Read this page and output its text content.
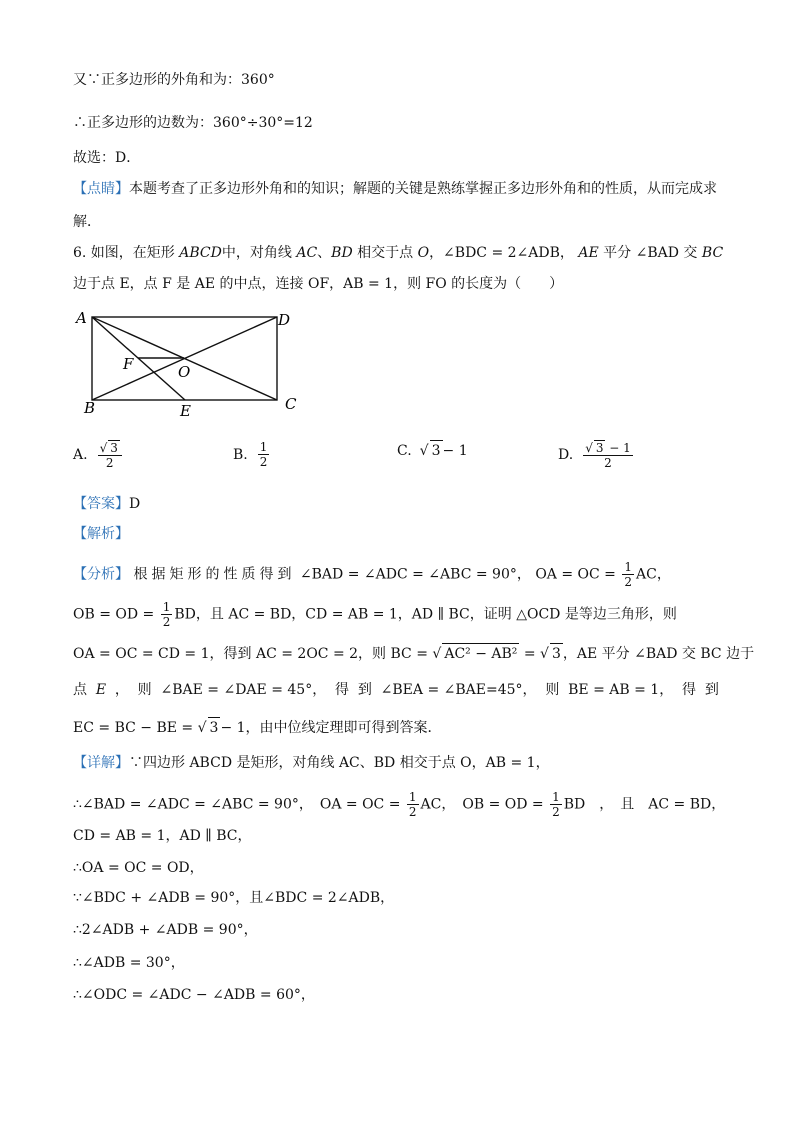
又∵正多边形的外角和为：360°
∴正多边形的边数为：360°÷30°=12
故选：D．
【点睛】本题考查了正多边形外角和的知识；解题的关键是熟练掌握正多边形外角和的性质，从而完成求
解．
6. 如图，在矩形 ABCD中，对角线 AC、BD 相交于点 O，∠BDC = 2∠ADB， AE 平分 ∠BAD 交 BC
边于点 E，点 F 是 AE 的中点，连接 OF，AB = 1，则 FO 的长度为（　　）
A
B	C
D
E
F	O
A. $\frac{√ 3}{2}$	B. $\frac{1}{2}$	C. √ 3 − 1	D. $\frac{√ 3 - 1}{2}$
【答案】D
【解析】
【分析】 根据矩形的性质得到 ∠BAD = ∠ADC = ∠ABC = 90°， OA = OC = $\frac{1}{2}$ AC，
OB = OD = $\frac{1}{2}$ BD，且 AC = BD，CD = AB = 1，AD ∥ BC，证明 △OCD 是等边三角形，则
OA = OC = CD = 1，得到 AC = 2OC = 2，则 BC = √ AC² − AB² = √ 3 ，AE 平分 ∠BAD 交 BC 边于
点 E ， 则 ∠BAE = ∠DAE = 45°， 得 到 ∠BEA = ∠BAE=45°， 则 BE = AB = 1， 得 到
EC = BC − BE = √ 3 − 1，由中位线定理即可得到答案．
【详解】∵四边形 ABCD 是矩形，对角线 AC、BD 相交于点 O，AB = 1，
∴∠BAD = ∠ADC = ∠ABC = 90°，　OA = OC = $\frac{1}{2}$ AC，　OB = OD = $\frac{1}{2}$ BD　，　且　AC = BD，
CD = AB = 1，AD ∥ BC，
∴OA = OC = OD，
∵∠BDC + ∠ADB = 90°，且∠BDC = 2∠ADB，
∴2∠ADB + ∠ADB = 90°，
∴∠ADB = 30°，
∴∠ODC = ∠ADC − ∠ADB = 60°，
